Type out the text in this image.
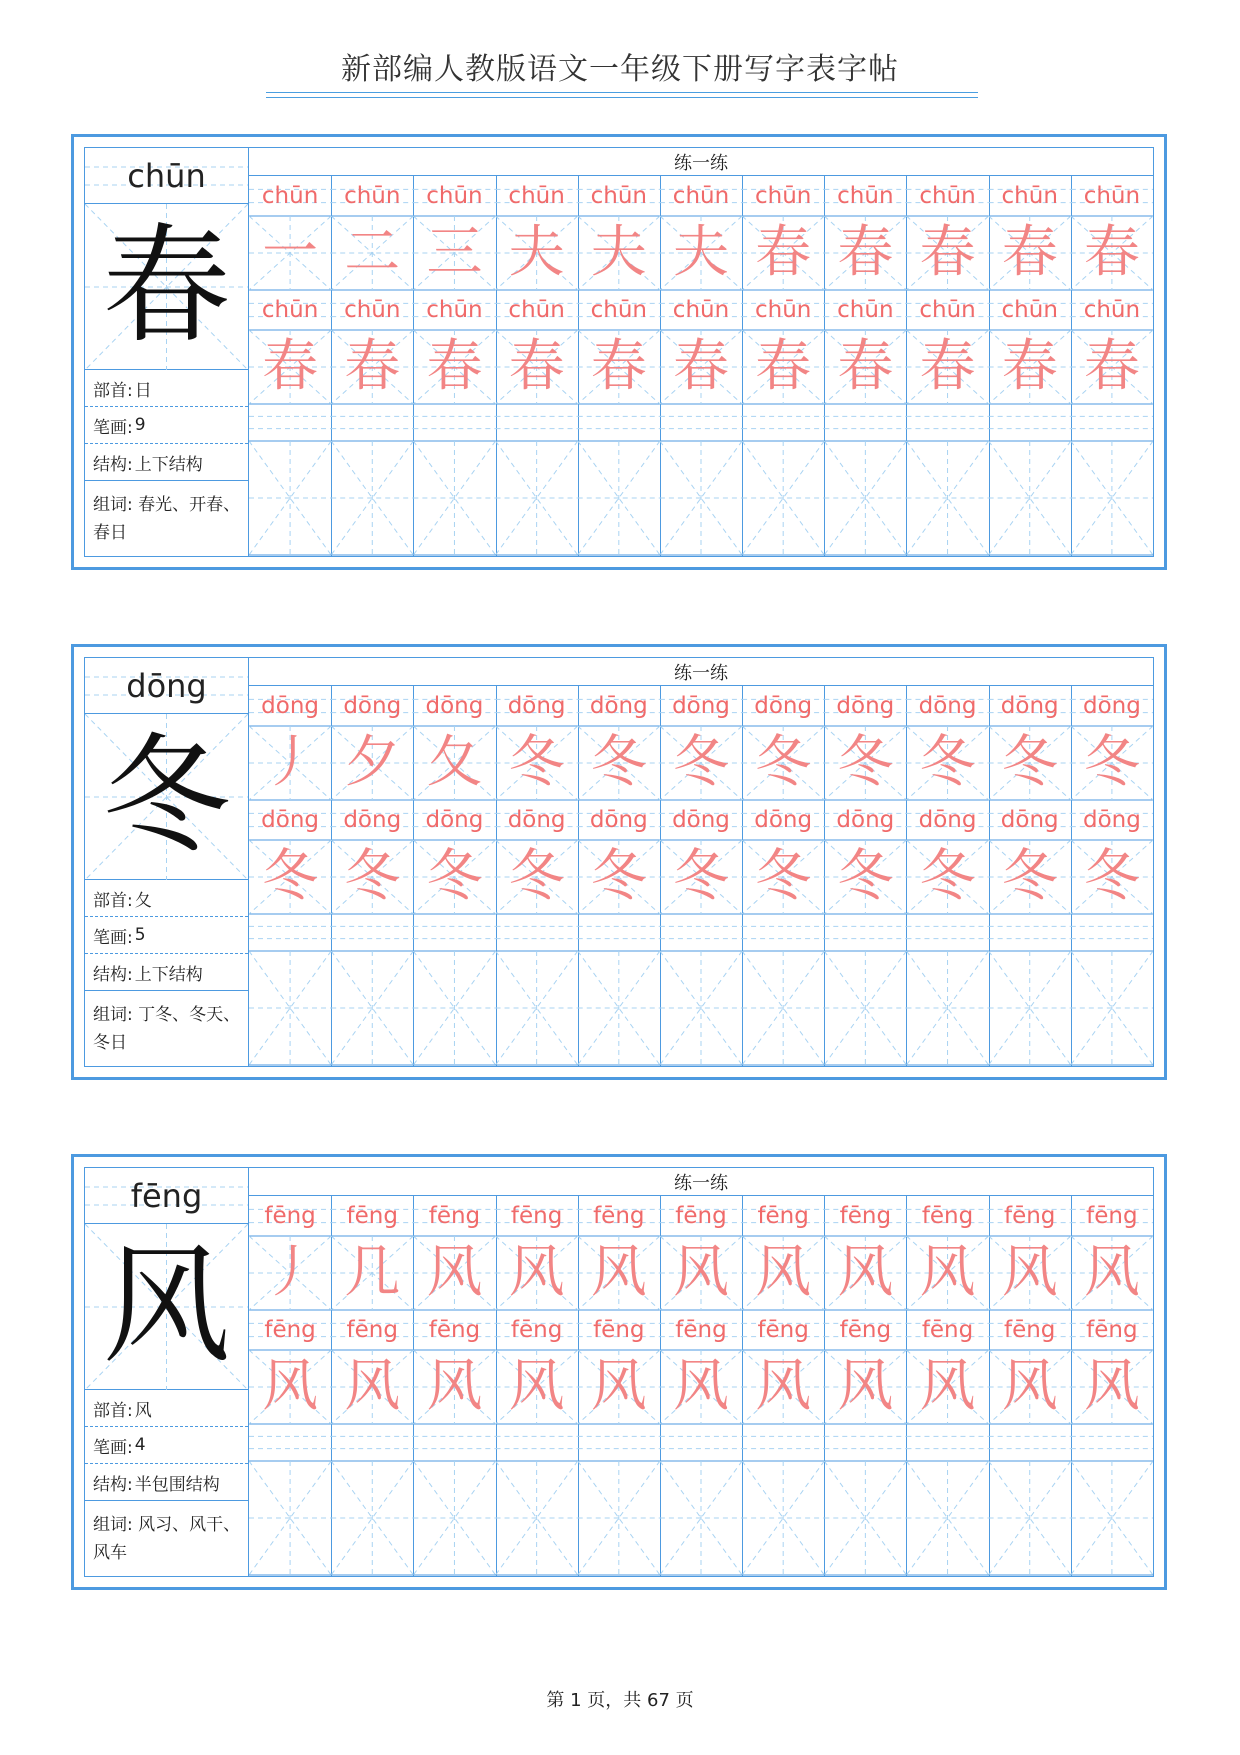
新部编人教版语文一年级下册写字表字帖
chūn
春
部首: 日
笔画: 9
结构: 上下结构
组词: 春光、开春、春日
练一练
chūn	chūn	chūn	chūn	chūn	chūn	chūn	chūn	chūn	chūn	chūn
一 二 三 夫 夫 夫 春 春 春 春 春
chūn	chūn	chūn	chūn	chūn	chūn	chūn	chūn	chūn	chūn	chūn
春 春 春 春 春 春 春 春 春 春 春
dōng
冬
部首: 夂
笔画: 5
结构: 上下结构
组词: 丁冬、冬天、冬日
练一练
dōng	dōng	dōng	dōng	dōng	dōng	dōng	dōng	dōng	dōng	dōng
丿 夕 夂 冬 冬 冬 冬 冬 冬 冬 冬
dōng	dōng	dōng	dōng	dōng	dōng	dōng	dōng	dōng	dōng	dōng
冬 冬 冬 冬 冬 冬 冬 冬 冬 冬 冬
fēng
风
部首: 风
笔画: 4
结构: 半包围结构
组词: 风习、风干、风车
练一练
fēng	fēng	fēng	fēng	fēng	fēng	fēng	fēng	fēng	fēng	fēng
丿 几 风 风 风 风 风 风 风 风 风
fēng	fēng	fēng	fēng	fēng	fēng	fēng	fēng	fēng	fēng	fēng
风 风 风 风 风 风 风 风 风 风 风
第 1 页，共 67 页
